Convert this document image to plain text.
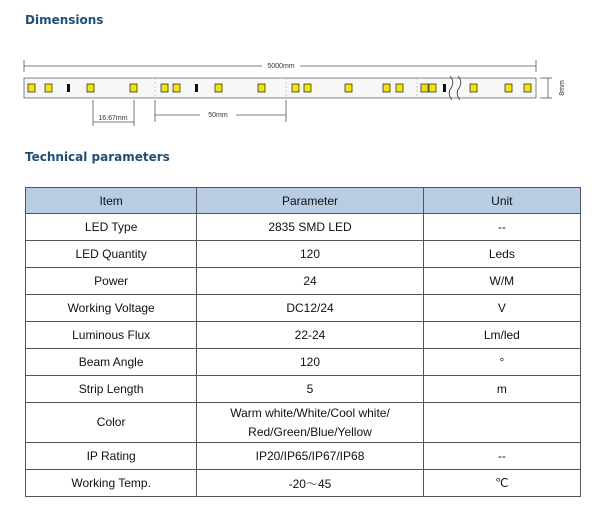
Dimensions
5000mm
8mm
16.67mm	50mm
Technical parameters
Item	Parameter	Unit
LED Type	2835 SMD LED	--
LED Quantity	120	Leds
Power	24	W/M
Working Voltage	DC12/24	V
Luminous Flux	22-24	Lm/led
Beam Angle	120	°
Strip Length	5	m
Color	Warm white/White/Cool white/
Red/Green/Blue/Yellow	

IP Rating	IP20/IP65/IP67/IP68	--
Working Temp.	-20～45	℃
